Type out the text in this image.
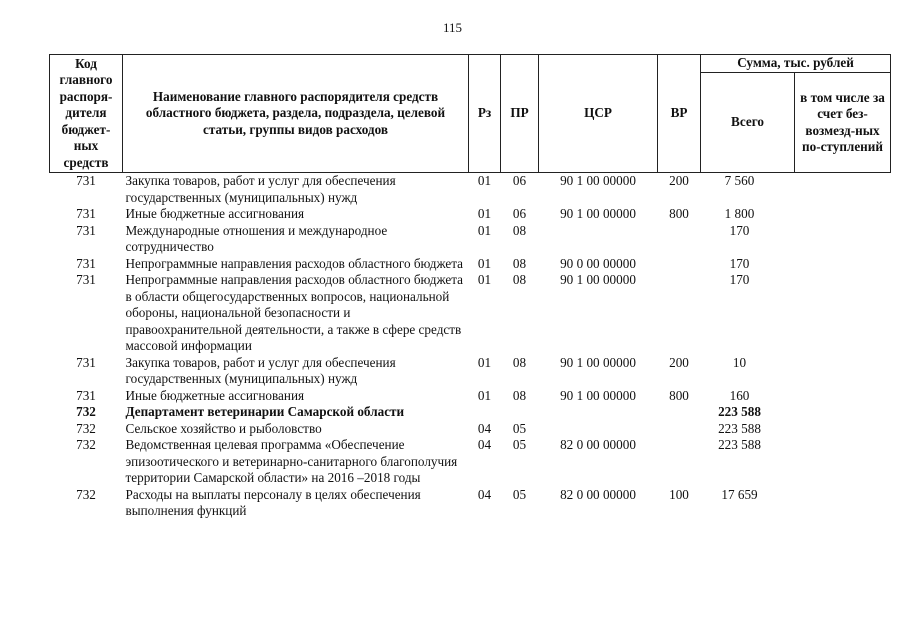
115
Код главного распоря-дителя бюджет-ных средств	Наименование главного распорядителя средств областного бюджета, раздела, подраздела, целевой статьи, группы видов расходов	Рз	ПР	ЦСР	ВР	Сумма, тыс. рублей	
						Всего	в том числе за счет без-возмезд-ных по-ступлений
731	Закупка товаров, работ и услуг для обеспечения государственных (муниципальных) нужд	01	06	90 1 00 00000	200	7 560	
731	Иные бюджетные ассигнования	01	06	90 1 00 00000	800	1 800	
731	Международные отношения и международное сотрудничество	01	08			170	
731	Непрограммные направления расходов областного бюджета	01	08	90 0 00 00000		170	
731	Непрограммные направления расходов областного бюджета в области общегосударственных вопросов, национальной обороны, национальной безопасности и правоохранительной деятельности, а также в сфере средств массовой информации	01	08	90 1 00 00000		170	
731	Закупка товаров, работ и услуг для обеспечения государственных (муниципальных) нужд	01	08	90 1 00 00000	200	10	
731	Иные бюджетные ассигнования	01	08	90 1 00 00000	800	160	
732	Департамент ветеринарии Самарской области					223 588	
732	Сельское хозяйство и рыболовство	04	05			223 588	
732	Ведомственная целевая программа «Обеспечение эпизоотического и ветеринарно-санитарного благополучия территории Самарской области» на 2016 –2018 годы	04	05	82 0 00 00000		223 588	
732	Расходы на выплаты персоналу в целях обеспечения выполнения функций	04	05	82 0 00 00000	100	17 659	
